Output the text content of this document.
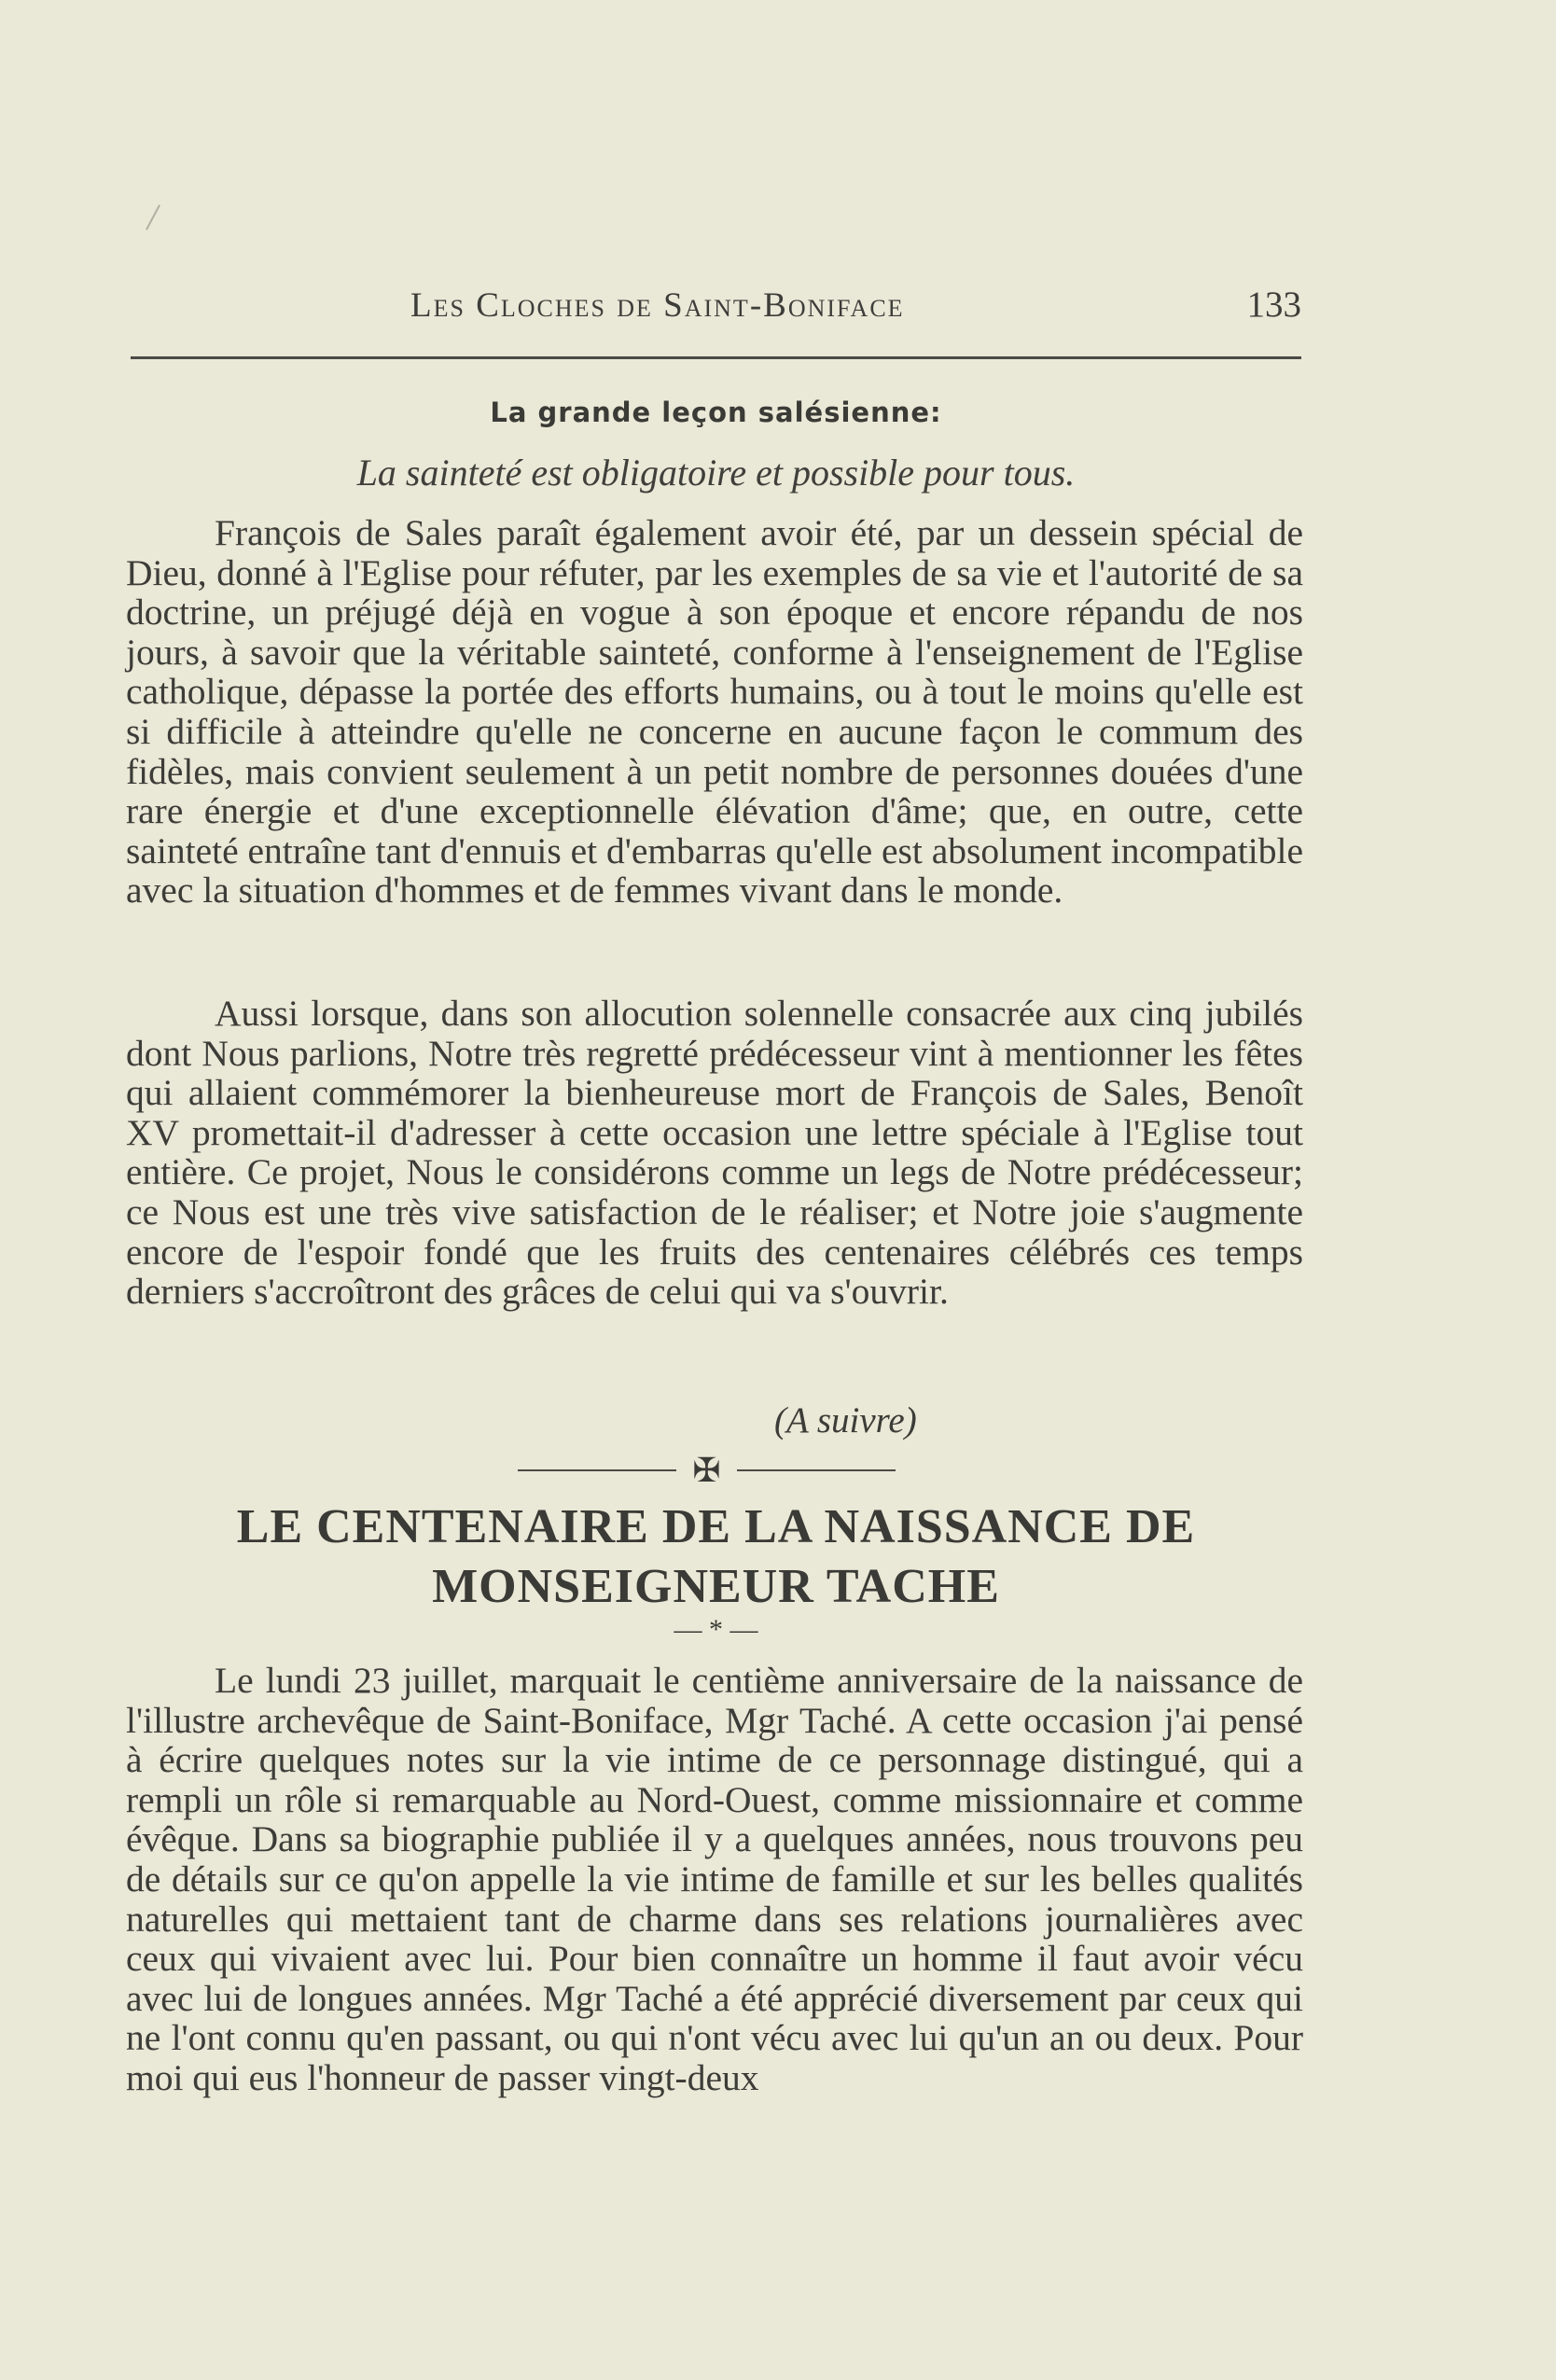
Les Cloches de Saint-Boniface	133
La grande leçon salésienne:
La sainteté est obligatoire et possible pour tous.

François de Sales paraît également avoir été, par un dessein spécial de Dieu, donné à l'Eglise pour réfuter, par les exemples de sa vie et l'autorité de sa doctrine, un préjugé déjà en vogue à son époque et encore répandu de nos jours, à savoir que la véritable sainteté, conforme à l'enseignement de l'Eglise catholique, dépasse la portée des efforts humains, ou à tout le moins qu'elle est si difficile à atteindre qu'elle ne concerne en aucune façon le commum des fidèles, mais convient seulement à un petit nombre de personnes douées d'une rare énergie et d'une exceptionnelle élévation d'âme; que, en outre, cette sainteté entraîne tant d'ennuis et d'embarras qu'elle est absolument incompatible avec la situation d'hommes et de femmes vivant dans le monde.

Aussi lorsque, dans son allocution solennelle consacrée aux cinq jubilés dont Nous parlions, Notre très regretté prédécesseur vint à mentionner les fêtes qui allaient commémorer la bienheureuse mort de François de Sales, Benoît XV promettait-il d'adresser à cette occasion une lettre spéciale à l'Eglise tout entière. Ce projet, Nous le considérons comme un legs de Notre prédécesseur; ce Nous est une très vive satisfaction de le réaliser; et Notre joie s'augmente encore de l'espoir fondé que les fruits des centenaires célébrés ces temps derniers s'accroîtront des grâces de celui qui va s'ouvrir.

(A suivre)
✠
LE CENTENAIRE DE LA NAISSANCE DE
MONSEIGNEUR TACHE
— * —

Le lundi 23 juillet, marquait le centième anniversaire de la naissance de l'illustre archevêque de Saint-Boniface, Mgr Taché. A cette occasion j'ai pensé à écrire quelques notes sur la vie intime de ce personnage distingué, qui a rempli un rôle si remarquable au Nord-Ouest, comme missionnaire et comme évêque. Dans sa biographie publiée il y a quelques années, nous trouvons peu de détails sur ce qu'on appelle la vie intime de famille et sur les belles qualités naturelles qui mettaient tant de charme dans ses relations journalières avec ceux qui vivaient avec lui. Pour bien connaître un homme il faut avoir vécu avec lui de longues années. Mgr Taché a été apprécié diversement par ceux qui ne l'ont connu qu'en passant, ou qui n'ont vécu avec lui qu'un an ou deux. Pour moi qui eus l'honneur de passer vingt-deux
